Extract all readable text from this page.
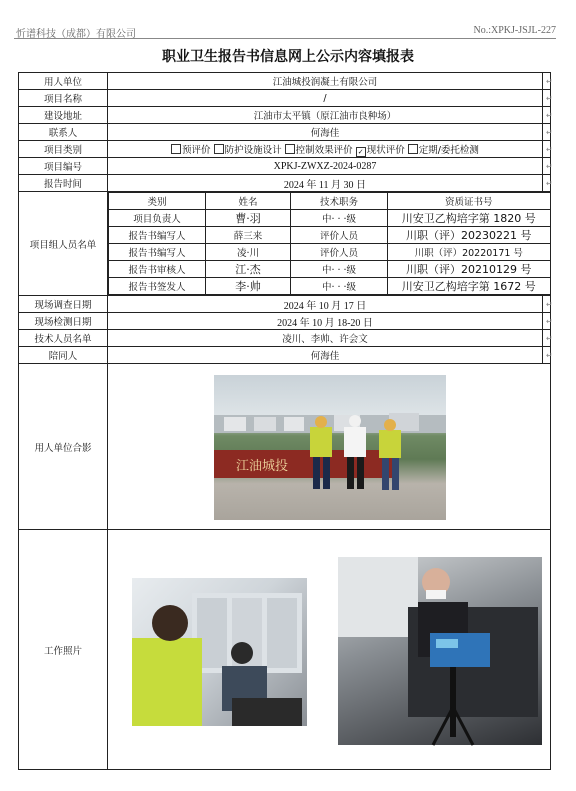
忻谱科技（成都）有限公司	No.:XPKJ-JSJL-227
职业卫生报告书信息网上公示内容填报表
用人单位	江油城投润凝土有限公司	↵
项目名称	/	↵
建设地址	江油市太平镇（原江油市良种场）	↵
联系人	何海佳	↵
项目类别	预评价 防护设施设计 控制效果评价 ✓ 现状评价 定期/委托检测	↵
项目编号	XPKJ-ZWXZ-2024-0287	↵
报告时间	2024 年 11 月 30 日	↵
项目组人员名单	
类别	姓名	技术职务	资质证书号
项目负责人	曹·羽	中· · ·级	川安卫乙构培字第 1820 号
报告书编写人	薛三来	评价人员	川职（评）20230221 号
报告书编写人	凌·川	评价人员	川职（评）20220171 号
报告书审核人	江·杰	中· · ·级	川职（评）20210129 号
报告书签发人	李·帅	中· · ·级	川安卫乙构培字第 1672 号

现场调查日期	2024 年 10 月 17 日	↵
现场检测日期	2024 年 10 月 18-20 日	↵
技术人员名单	凌川、李帅、许会文	↵
陪同人	何海佳	↵
用人单位合影	
工作照片	
江油城投
